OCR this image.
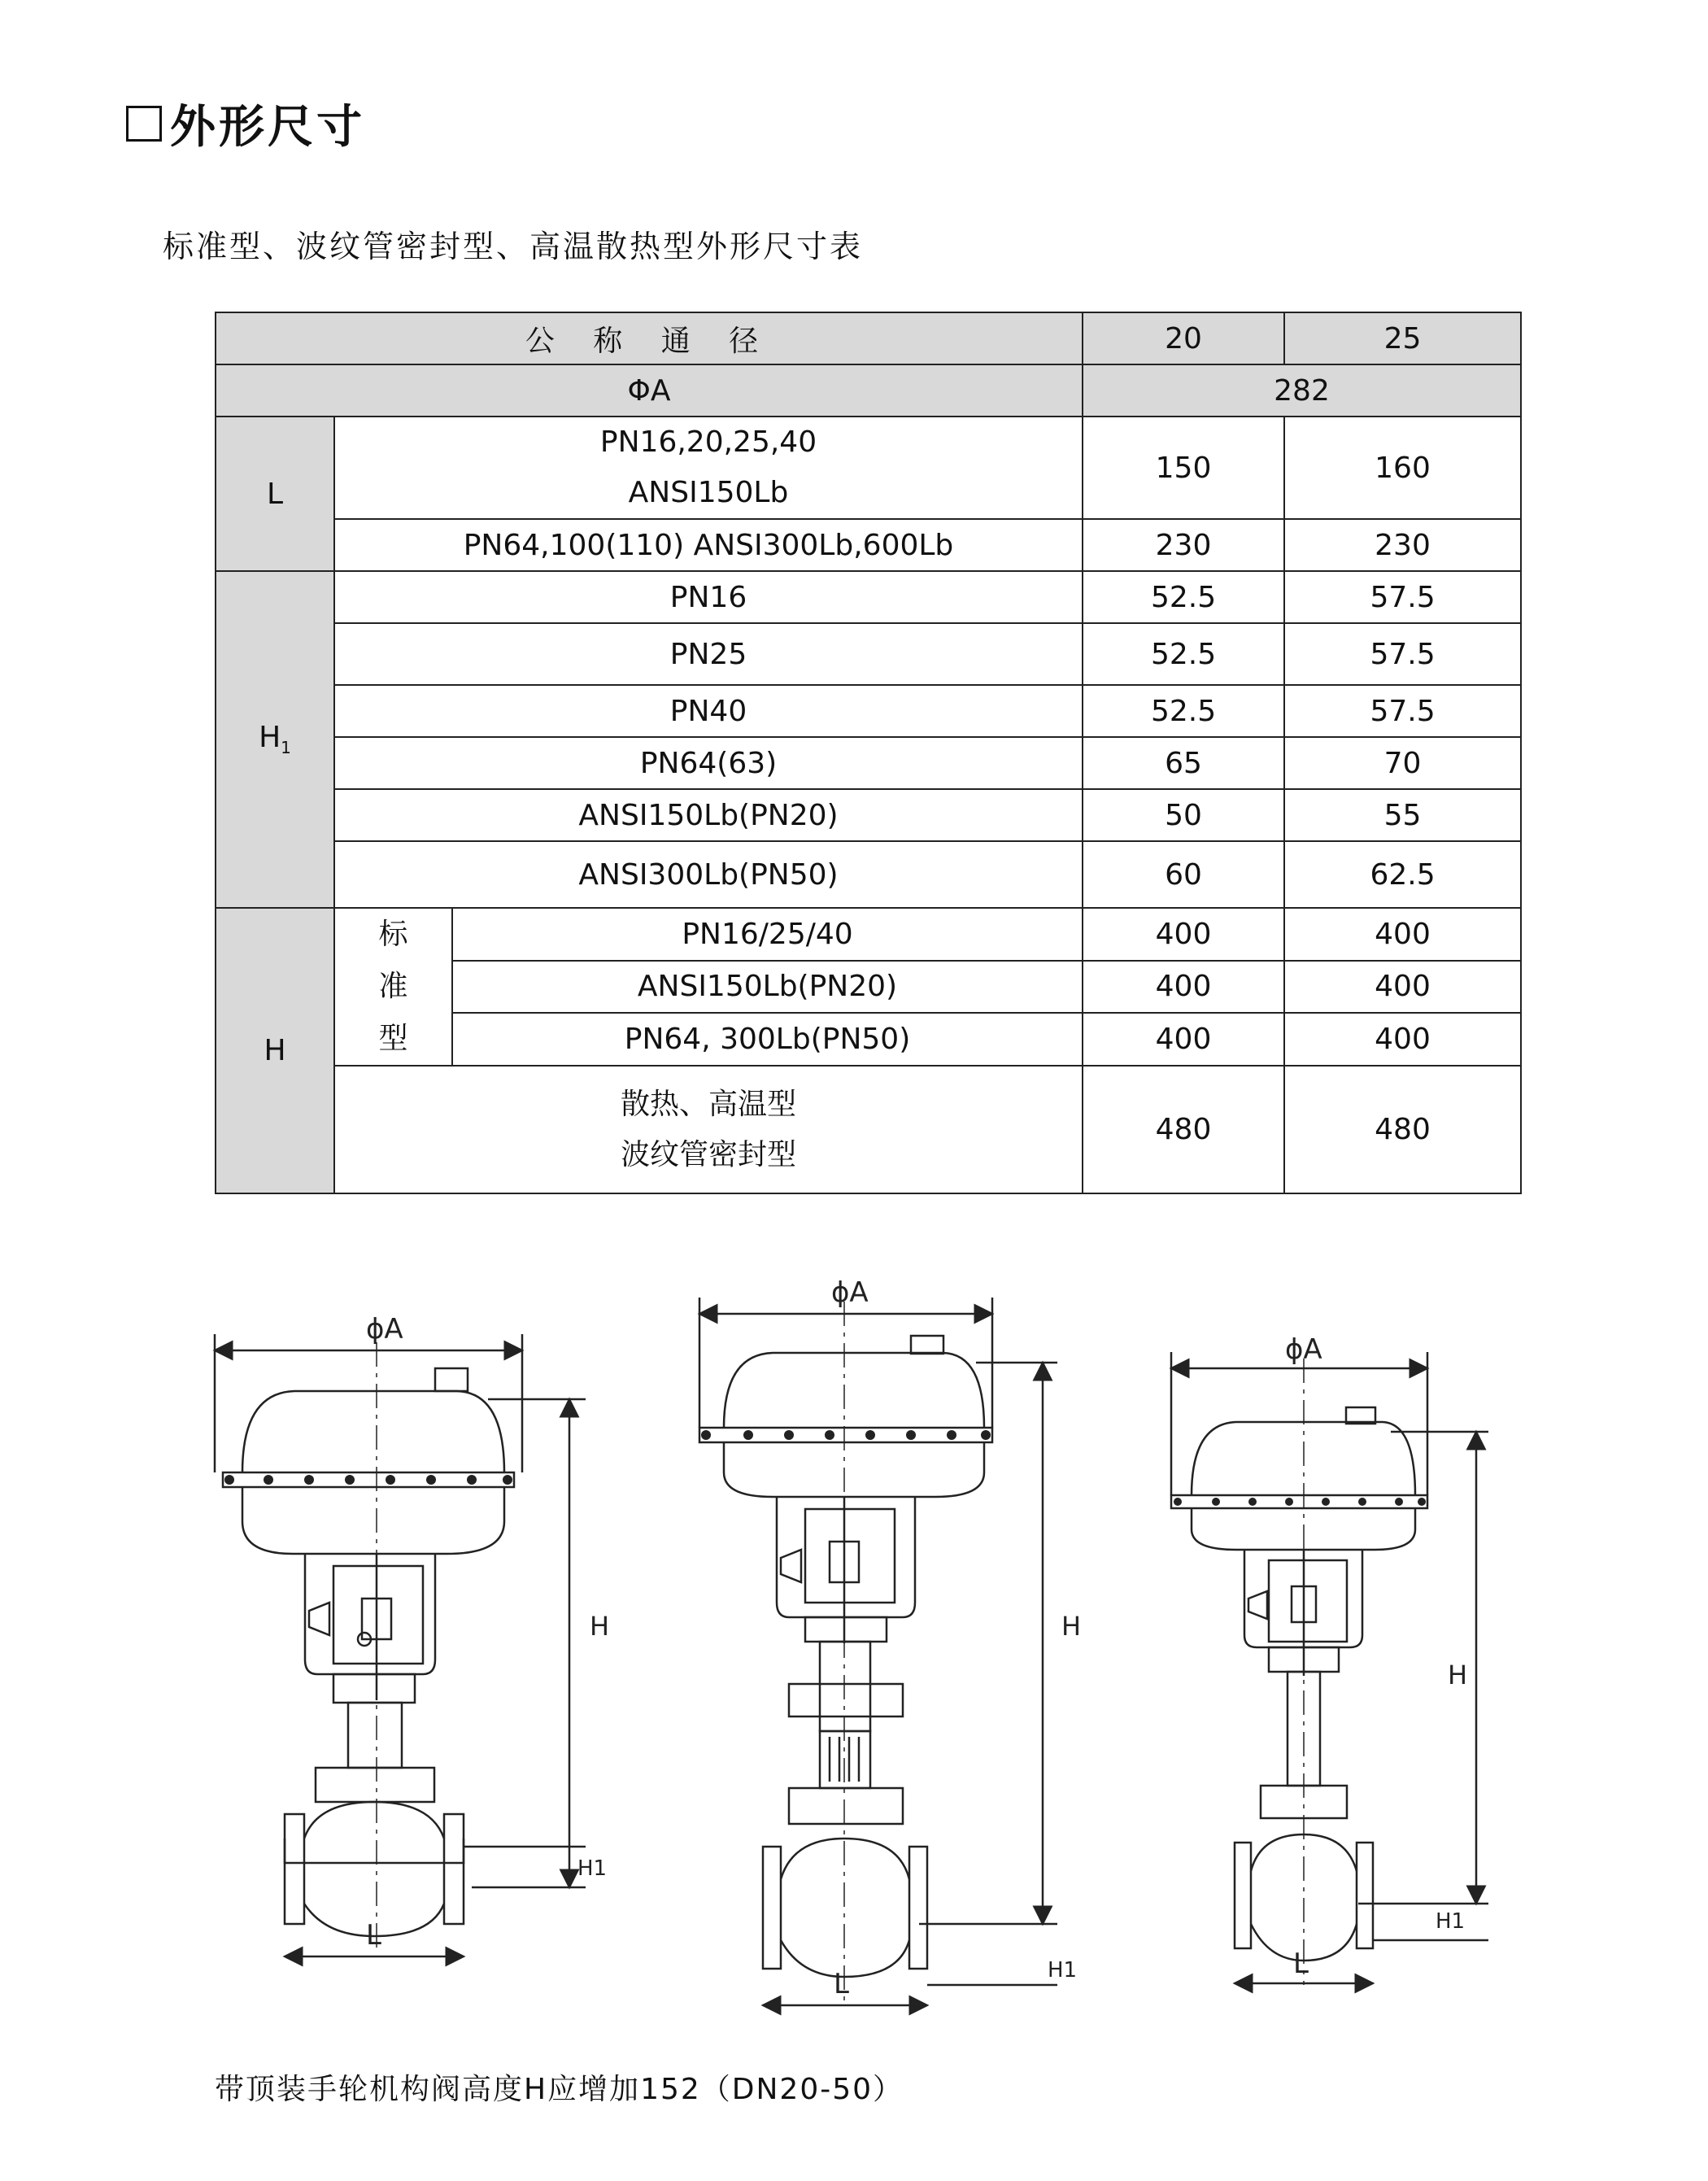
外形尺寸
标准型、波纹管密封型、高温散热型外形尺寸表
公 称 通 径			20	25
ΦA			282	
L	PN16,20,25,40
ANSI150Lb		150	160
	PN64,100(110) ANSI300Lb,600Lb		230	230
$H_1$	PN16		52.5	57.5
	PN25		52.5	57.5
	PN40		52.5	57.5
	PN64(63)		65	70
	ANSI150Lb(PN20)		50	55
	ANSI300Lb(PN50)		60	62.5
H	标
准
型	PN16/25/40	400	400
		ANSI150Lb(PN20)	400	400
		PN64, 300Lb(PN50)	400	400

	散热、高温型
波纹管密封型		480	480
ϕA
H
H1
L
ϕA
H
H1
L
ϕA
H
H1
L
带顶装手轮机构阀高度H应增加152（DN20-50）
